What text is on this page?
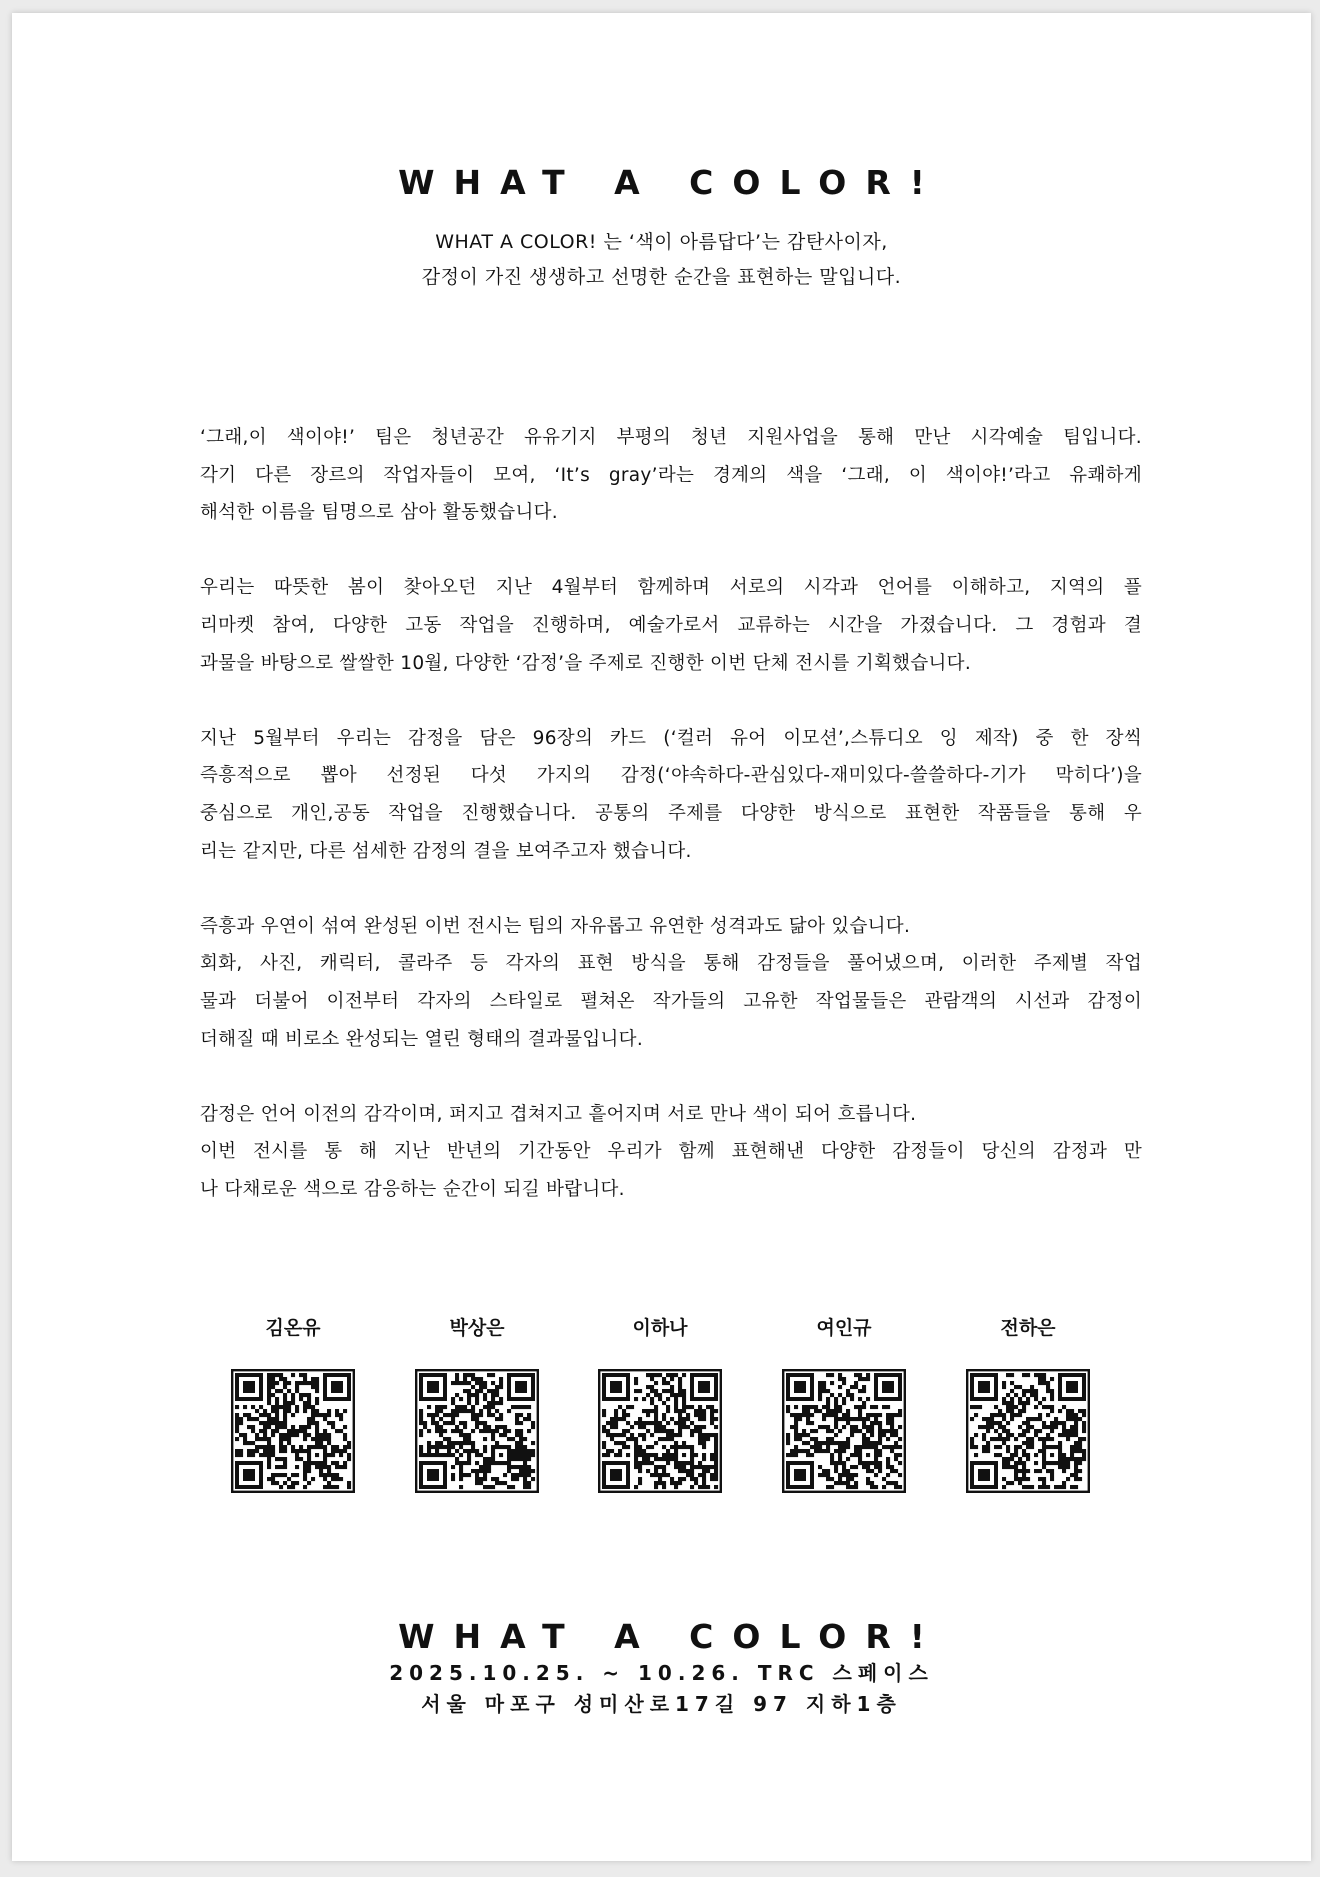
WHAT A COLOR!
WHAT A COLOR! 는 ‘색이 아름답다’는 감탄사이자,
감정이 가진 생생하고 선명한 순간을 표현하는 말입니다.
‘그래,이 색이야!’ 팀은 청년공간 유유기지 부평의 청년 지원사업을 통해 만난 시각예술 팀입니다.
각기 다른 장르의 작업자들이 모여, ‘It’s gray’라는 경계의 색을 ‘그래, 이 색이야!’라고 유쾌하게
해석한 이름을 팀명으로 삼아 활동했습니다.
우리는 따뜻한 봄이 찾아오던 지난 4월부터 함께하며 서로의 시각과 언어를 이해하고, 지역의 플
리마켓 참여, 다양한 고동 작업을 진행하며, 예술가로서 교류하는 시간을 가졌습니다. 그 경험과 결
과물을 바탕으로 쌀쌀한 10월, 다양한 ‘감정’을 주제로 진행한 이번 단체 전시를 기획했습니다.
지난 5월부터 우리는 감정을 담은 96장의 카드 (‘컬러 유어 이모션’,스튜디오 잉 제작) 중 한 장씩
즉흥적으로 뽑아 선정된 다섯 가지의 감정(‘야속하다-관심있다-재미있다-쓸쓸하다-기가 막히다’)을
중심으로 개인,공동 작업을 진행했습니다. 공통의 주제를 다양한 방식으로 표현한 작품들을 통해 우
리는 같지만, 다른 섬세한 감정의 결을 보여주고자 했습니다.
즉흥과 우연이 섞여 완성된 이번 전시는 팀의 자유롭고 유연한 성격과도 닮아 있습니다.
회화, 사진, 캐릭터, 콜라주 등 각자의 표현 방식을 통해 감정들을 풀어냈으며, 이러한 주제별 작업
물과 더불어 이전부터 각자의 스타일로 펼쳐온 작가들의 고유한 작업물들은 관람객의 시선과 감정이
더해질 때 비로소 완성되는 열린 형태의 결과물입니다.
감정은 언어 이전의 감각이며, 퍼지고 겹쳐지고 흩어지며 서로 만나 색이 되어 흐릅니다.
이번 전시를 통 해 지난 반년의 기간동안 우리가 함께 표현해낸 다양한 감정들이 당신의 감정과 만
나 다채로운 색으로 감응하는 순간이 되길 바랍니다.
김온유	박상은	이하나	여인규	전하은
WHAT A COLOR!
2025.10.25. ~ 10.26. TRC 스페이스
서울 마포구 성미산로17길 97 지하1층
